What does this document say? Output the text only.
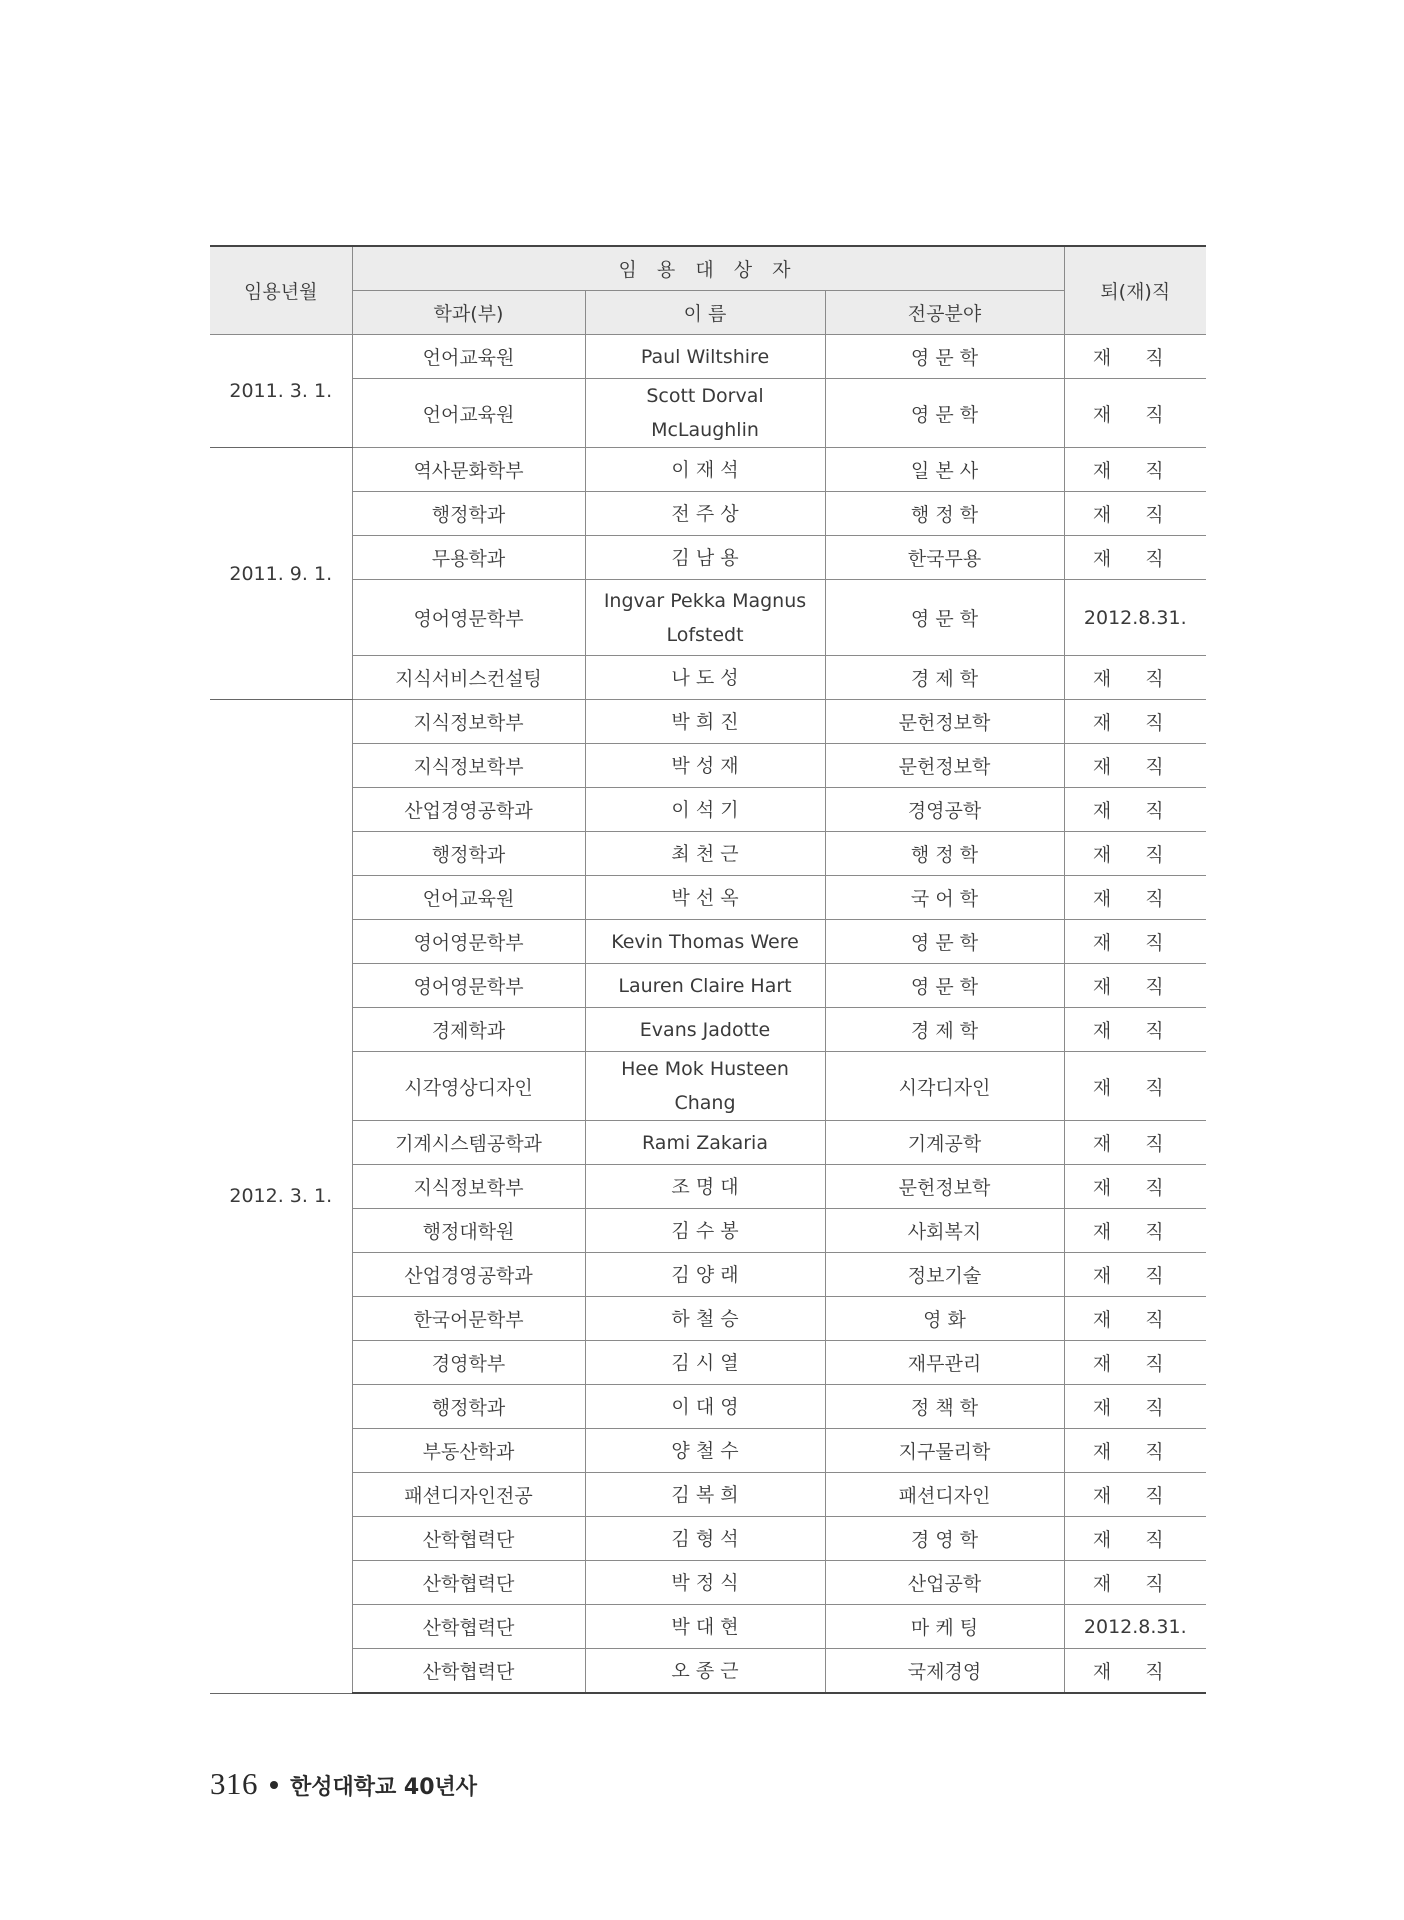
임용년월	임 용 대 상 자			퇴(재)직
	학과(부)	이 름	전공분야	
2011. 3. 1.	언어교육원	Paul Wiltshire	영 문 학	재 직
	언어교육원	Scott Dorval McLaughlin	영 문 학	재 직
2011. 9. 1.	역사문화학부	이 재 석	일 본 사	재 직
	행정학과	전 주 상	행 정 학	재 직
	무용학과	김 남 용	한국무용	재 직
	영어영문학부	Ingvar Pekka Magnus Lofstedt	영 문 학	2012.8.31.
	지식서비스컨설팅	나 도 성	경 제 학	재 직
2012. 3. 1.	지식정보학부	박 희 진	문헌정보학	재 직
	지식정보학부	박 성 재	문헌정보학	재 직
	산업경영공학과	이 석 기	경영공학	재 직
	행정학과	최 천 근	행 정 학	재 직
	언어교육원	박 선 옥	국 어 학	재 직
	영어영문학부	Kevin Thomas Were	영 문 학	재 직
	영어영문학부	Lauren Claire Hart	영 문 학	재 직
	경제학과	Evans Jadotte	경 제 학	재 직
	시각영상디자인	Hee Mok Husteen Chang	시각디자인	재 직
	기계시스템공학과	Rami Zakaria	기계공학	재 직
	지식정보학부	조 명 대	문헌정보학	재 직
	행정대학원	김 수 봉	사회복지	재 직
	산업경영공학과	김 양 래	정보기술	재 직
	한국어문학부	하 철 승	영 화	재 직
	경영학부	김 시 열	재무관리	재 직
	행정학과	이 대 영	정 책 학	재 직
	부동산학과	양 철 수	지구물리학	재 직
	패션디자인전공	김 복 희	패션디자인	재 직
	산학협력단	김 형 석	경 영 학	재 직
	산학협력단	박 정 식	산업공학	재 직
	산학협력단	박 대 현	마 케 팅	2012.8.31.
	산학협력단	오 종 근	국제경영	재 직
316 한성대학교 40년사
